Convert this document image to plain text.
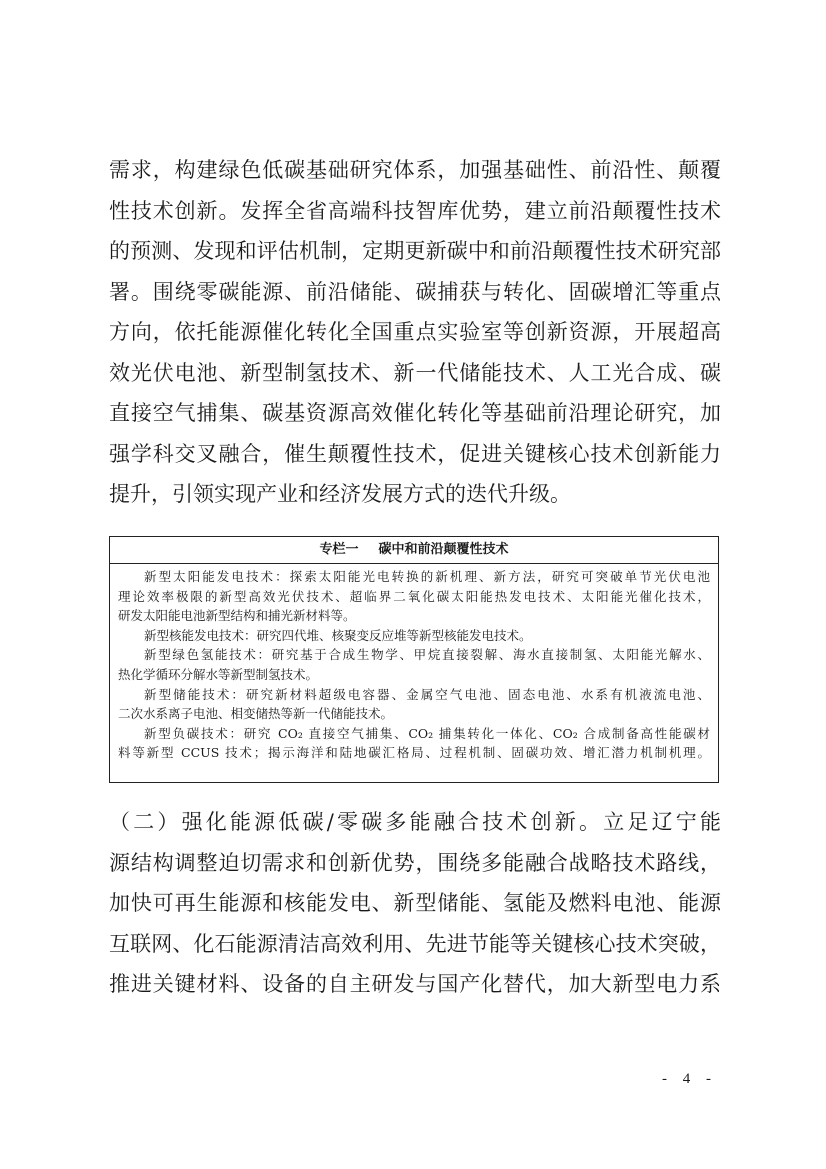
需求，构建绿色低碳基础研究体系，加强基础性、前沿性、颠覆
性技术创新。发挥全省高端科技智库优势，建立前沿颠覆性技术
的预测、发现和评估机制，定期更新碳中和前沿颠覆性技术研究部
署。围绕零碳能源、前沿储能、碳捕获与转化、固碳增汇等重点
方向，依托能源催化转化全国重点实验室等创新资源，开展超高
效光伏电池、新型制氢技术、新一代储能技术、人工光合成、碳
直接空气捕集、碳基资源高效催化转化等基础前沿理论研究，加
强学科交叉融合，催生颠覆性技术，促进关键核心技术创新能力
提升，引领实现产业和经济发展方式的迭代升级。
专栏一 碳中和前沿颠覆性技术
新型太阳能发电技术：探索太阳能光电转换的新机理、新方法，研究可突破单节光伏电池
理论效率极限的新型高效光伏技术、超临界二氧化碳太阳能热发电技术、太阳能光催化技术，
研发太阳能电池新型结构和捕光新材料等。
新型核能发电技术：研究四代堆、核聚变反应堆等新型核能发电技术。
新型绿色氢能技术：研究基于合成生物学、甲烷直接裂解、海水直接制氢、太阳能光解水、
热化学循环分解水等新型制氢技术。
新型储能技术：研究新材料超级电容器、金属空气电池、固态电池、水系有机液流电池、
二次水系离子电池、相变储热等新一代储能技术。
新型负碳技术：研究 CO₂ 直接空气捕集、CO₂ 捕集转化一体化、CO₂ 合成制备高性能碳材
料等新型 CCUS 技术；揭示海洋和陆地碳汇格局、过程机制、固碳功效、增汇潜力机制机理。
（二）强化能源低碳/零碳多能融合技术创新。立足辽宁能
源结构调整迫切需求和创新优势，围绕多能融合战略技术路线，
加快可再生能源和核能发电、新型储能、氢能及燃料电池、能源
互联网、化石能源清洁高效利用、先进节能等关键核心技术突破，
推进关键材料、设备的自主研发与国产化替代，加大新型电力系
- 4 -
